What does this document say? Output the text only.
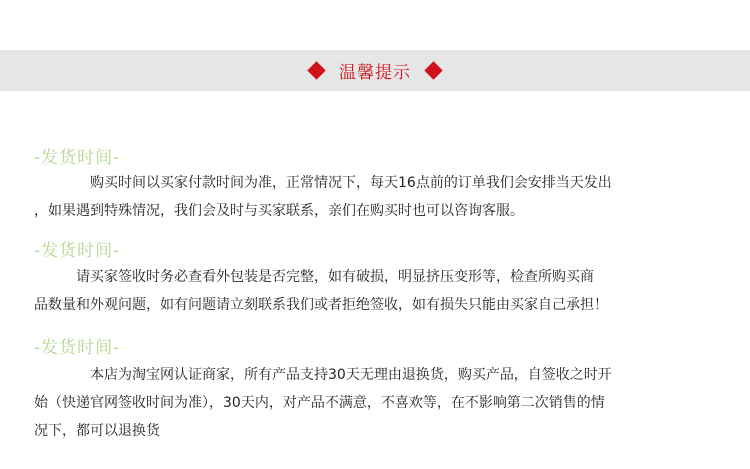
温馨提示
-发货时间-
　　　　购买时间以买家付款时间为准，正常情况下，每天16点前的订单我们会安排当天发出
，如果遇到特殊情况，我们会及时与买家联系，亲们在购买时也可以咨询客服。
-发货时间-
　　　请买家签收时务必查看外包装是否完整，如有破损，明显挤压变形等，检查所购买商
品数量和外观问题，如有问题请立刻联系我们或者拒绝签收，如有损失只能由买家自己承担！
-发货时间-
　　　　本店为淘宝网认证商家，所有产品支持30天无理由退换货，购买产品，自签收之时开
始（快递官网签收时间为准），30天内，对产品不满意，不喜欢等，在不影响第二次销售的情
况下，都可以退换货
